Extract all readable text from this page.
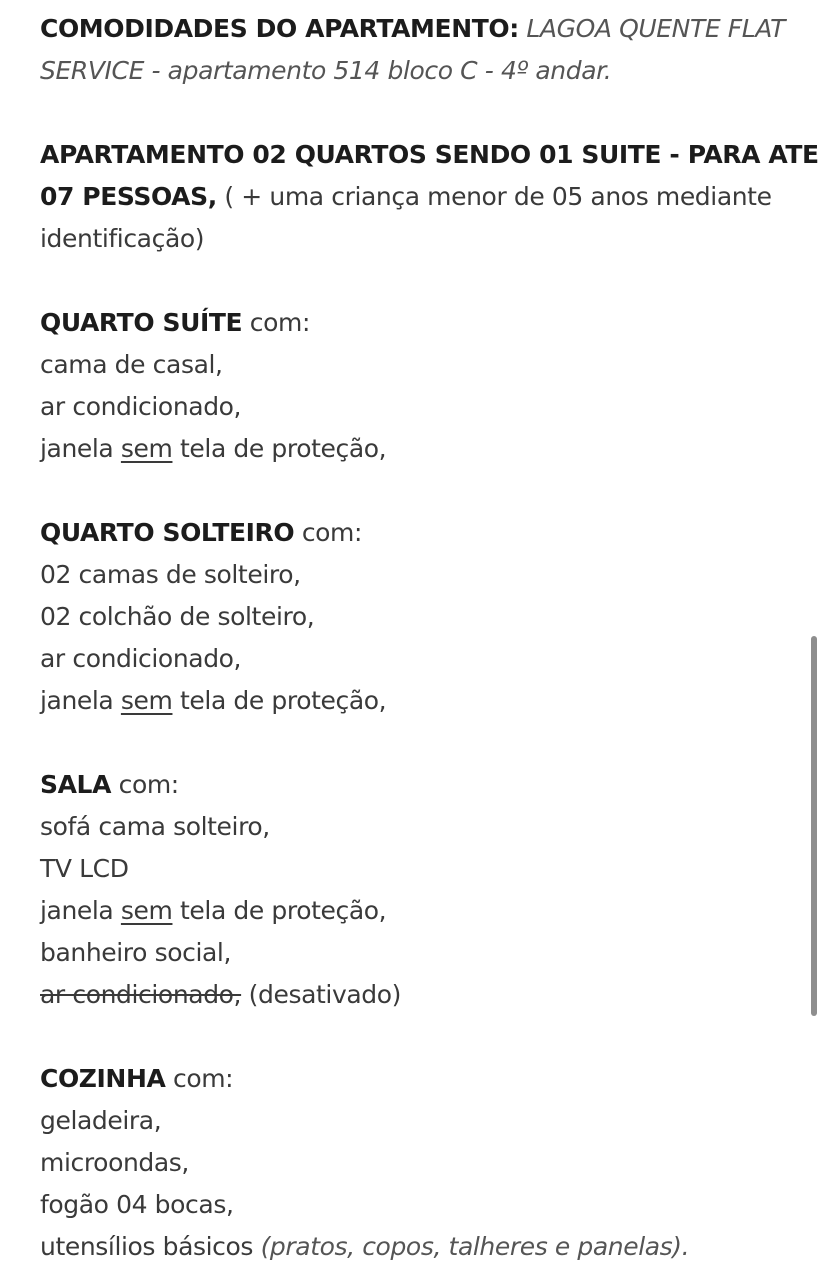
COMODIDADES DO APARTAMENTO: LAGOA QUENTE FLAT
SERVICE - apartamento 514 bloco C - 4º andar.
APARTAMENTO 02 QUARTOS SENDO 01 SUITE - PARA ATE
07 PESSOAS, ( + uma criança menor de 05 anos mediante
identificação)
QUARTO SUÍTE com:
cama de casal,
ar condicionado,
janela sem tela de proteção,
QUARTO SOLTEIRO com:
02 camas de solteiro,
02 colchão de solteiro,
ar condicionado,
janela sem tela de proteção,
SALA com:
sofá cama solteiro,
TV LCD
janela sem tela de proteção,
banheiro social,
ar condicionado, (desativado)
COZINHA com:
geladeira,
microondas,
fogão 04 bocas,
utensílios básicos (pratos, copos, talheres e panelas).
